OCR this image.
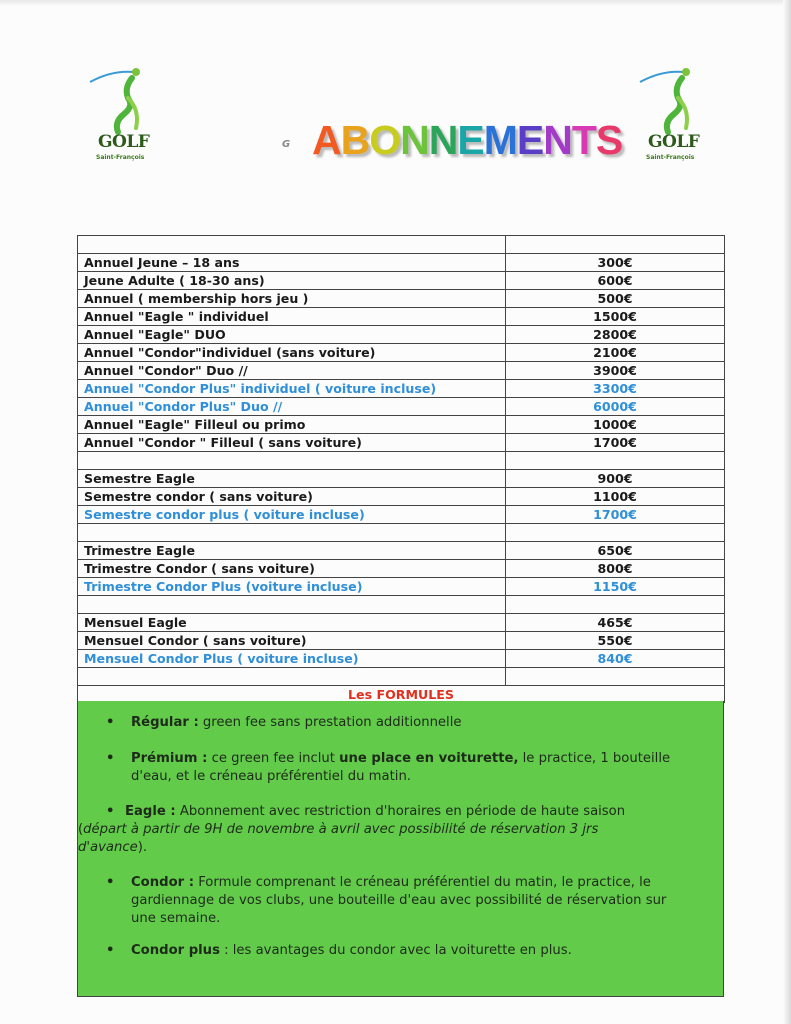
GOLF
Saint-François
GOLF
Saint-François
G ABONNEMENTS

Annuel Jeune – 18 ans	300€
Jeune Adulte ( 18-30 ans)	600€
Annuel ( membership hors jeu )	500€
Annuel "Eagle " individuel	1500€
Annuel "Eagle" DUO	2800€
Annuel "Condor"individuel (sans voiture)	2100€
Annuel "Condor" Duo //	3900€
Annuel "Condor Plus" individuel ( voiture incluse)	3300€
Annuel "Condor Plus" Duo //	6000€
Annuel "Eagle" Filleul ou primo	1000€
Annuel "Condor " Filleul ( sans voiture)	1700€

Semestre Eagle	900€
Semestre condor ( sans voiture)	1100€
Semestre condor plus ( voiture incluse)	1700€

Trimestre Eagle	650€
Trimestre Condor ( sans voiture)	800€
Trimestre Condor Plus (voiture incluse)	1150€

Mensuel Eagle	465€
Mensuel Condor ( sans voiture)	550€
Mensuel Condor Plus ( voiture incluse)	840€

Les FORMULES	
• Régular : green fee sans prestation additionnelle
• Prémium : ce green fee inclut une place en voiturette, le practice, 1 bouteille
d'eau, et le créneau préférentiel du matin.
• Eagle : Abonnement avec restriction d'horaires en période de haute saison
(départ à partir de 9H de novembre à avril avec possibilité de réservation 3 jrs
d'avance).
• Condor : Formule comprenant le créneau préférentiel du matin, le practice, le
gardiennage de vos clubs, une bouteille d'eau avec possibilité de réservation sur
une semaine.
• Condor plus : les avantages du condor avec la voiturette en plus.
